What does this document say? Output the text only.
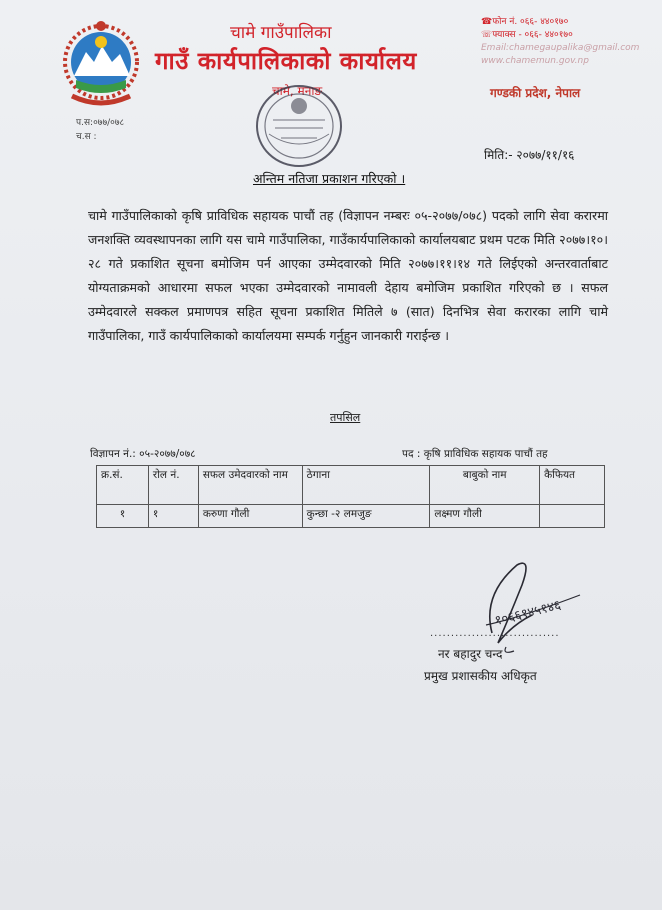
चामे गाउँपालिका
गाउँ कार्यपालिकाको कार्यालय
चामे, मनाङ
☎फोन नं. ०६६- ४४०१७०
☏फ्याक्स - ०६६- ४४०१७०
Email:chamegaupalika@gmail.com
www.chamemun.gov.np
गण्डकी प्रदेश, नेपाल
प.स:०७७/०७८
च.स :
मिति:- २०७७/११/१६
अन्तिम नतिजा प्रकाशन गरिएको ।
चामे गाउँपालिकाको कृषि प्राविधिक सहायक पाचौं तह (विज्ञापन नम्बरः ०५-२०७७/०७८) पदको लागि सेवा करारमा जनशक्ति व्यवस्थापनका लागि यस चामे गाउँपालिका, गाउँकार्यपालिकाको कार्यालयबाट प्रथम पटक मिति २०७७।१०।२८ गते प्रकाशित सूचना बमोजिम पर्न आएका उम्मेदवारको मिति २०७७।११।१४ गते लिईएको अन्तरवार्ताबाट योग्यताक्रमको आधारमा सफल भएका उम्मेदवारको नामावली देहाय बमोजिम प्रकाशित गरिएको छ । सफल उम्मेदवारले सक्कल प्रमाणपत्र सहित सूचना प्रकाशित मितिले ७ (सात) दिनभित्र सेवा करारका लागि चामे गाउँपालिका, गाउँ कार्यपालिकाको कार्यालयमा सम्पर्क गर्नुहुन जानकारी गराईन्छ ।
तपसिल
विज्ञापन नं.: ०५-२०७७/०७८	पद : कृषि प्राविधिक सहायक पाचौं तह
क्र.सं.	रोल नं.	सफल उमेदवारको नाम	ठेगाना	बाबुको नाम	कैफियत
१	१	करुणा गौली	कुन्छा -२ लमजुङ	लक्ष्मण गौली	
१०६६१४५१४६
...............................
नर बहादुर चन्द
प्रमुख प्रशासकीय अधिकृत
